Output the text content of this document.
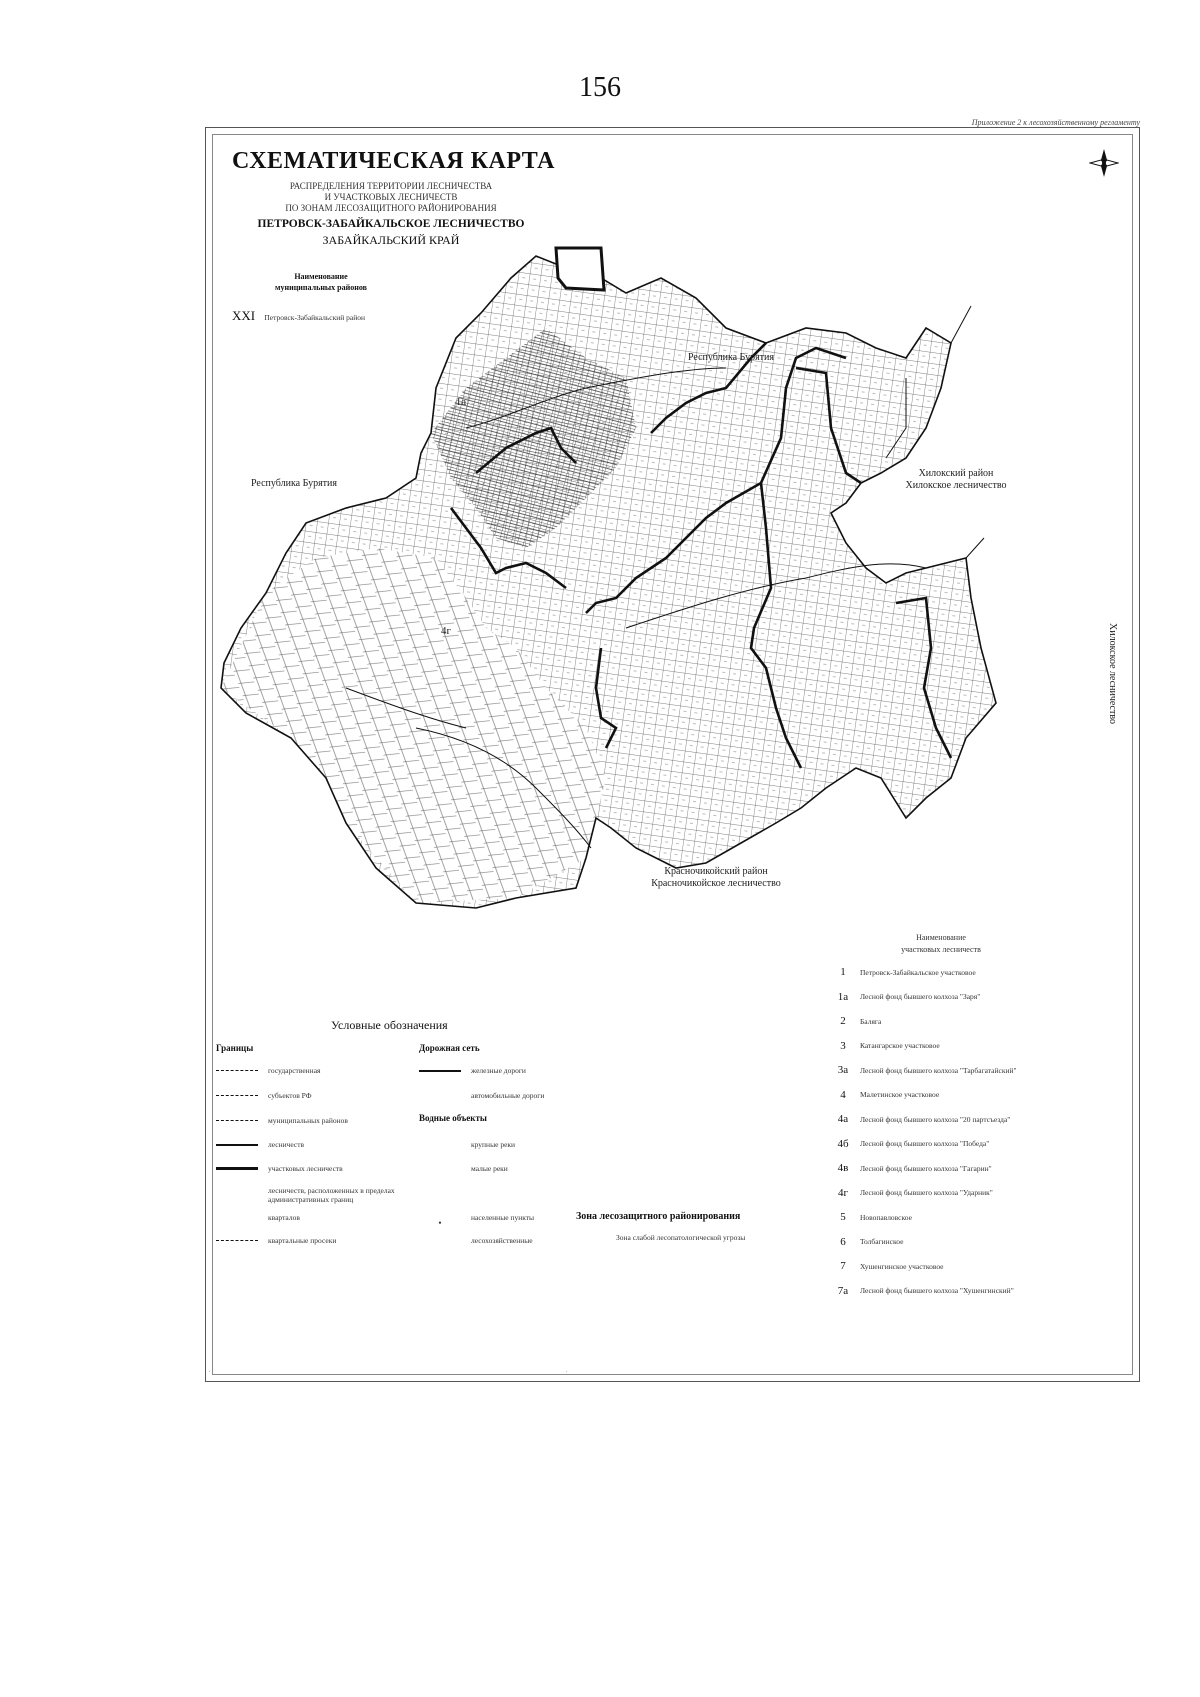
156
Приложение 2 к лесохозяйственному регламенту
СХЕМАТИЧЕСКАЯ КАРТА
РАСПРЕДЕЛЕНИЯ ТЕРРИТОРИИ ЛЕСНИЧЕСТВА
И УЧАСТКОВЫХ ЛЕСНИЧЕСТВ
ПО ЗОНАМ ЛЕСОЗАЩИТНОГО РАЙОНИРОВАНИЯ
ПЕТРОВСК-ЗАБАЙКАЛЬСКОЕ ЛЕСНИЧЕСТВО
ЗАБАЙКАЛЬСКИЙ КРАЙ
Наименование
муниципальных районов
XXI Петровск-Забайкальский район
Республика Бурятия
Республика Бурятия
Хилокский район
Хилокское лесничество
Красночикойский район
Красночикойское лесничество
Хилокское лесничество
1а
4г
Условные обозначения
Границы
государственная
субъектов РФ
муниципальных районов
лесничеств
участковых лесничеств
лесничеств, расположенных в пределах административных границ
кварталов
квартальные просеки
Дорожная сеть
железные дороги
автомобильные дороги
Водные объекты
крупные реки
малые реки
•	населенные пункты
лесохозяйственные
Зона лесозащитного районирования
Зона слабой лесопатологической угрозы
Наименование
участковых лесничеств
1	Петровск-Забайкальское участковое
1а	Лесной фонд бывшего колхоза "Заря"
2	Баляга
3	Катангарское участковое
3а	Лесной фонд бывшего колхоза "Тарбагатайский"
4	Малетинское участковое
4а	Лесной фонд бывшего колхоза "20 партсъезда"
4б	Лесной фонд бывшего колхоза "Победа"
4в	Лесной фонд бывшего колхоза "Гагарин"
4г	Лесной фонд бывшего колхоза "Ударник"
5	Новопавловское
6	Толбагинское
7	Хушенгинское участковое
7а	Лесной фонд бывшего колхоза "Хушенгинский"
.	.
